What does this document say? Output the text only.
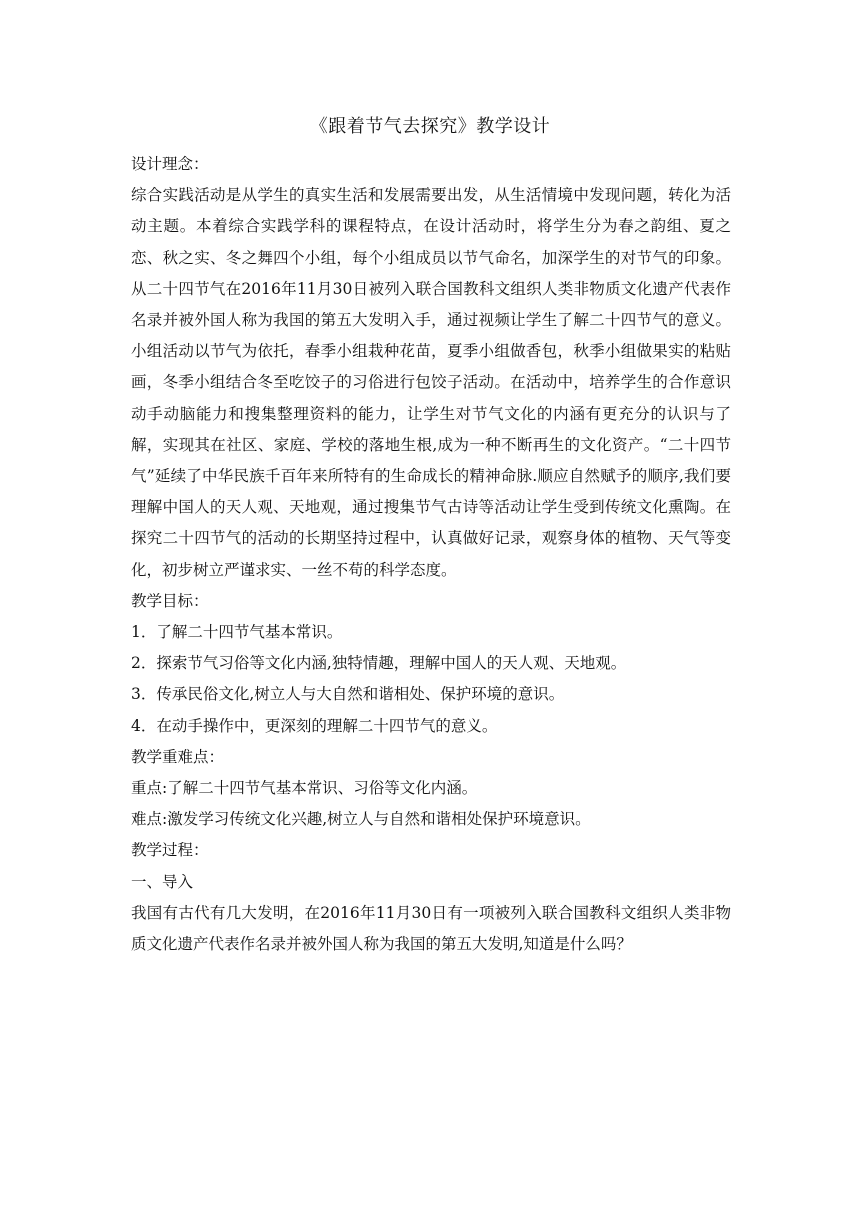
《跟着节气去探究》教学设计

设计理念：

综合实践活动是从学生的真实生活和发展需要出发，从生活情境中发现问题，转化为活动主题。本着综合实践学科的课程特点，在设计活动时，将学生分为春之韵组、夏之恋、秋之实、冬之舞四个小组，每个小组成员以节气命名，加深学生的对节气的印象。从二十四节气在2016年11月30日被列入联合国教科文组织人类非物质文化遗产代表作名录并被外国人称为我国的第五大发明入手，通过视频让学生了解二十四节气的意义。小组活动以节气为依托，春季小组栽种花苗，夏季小组做香包，秋季小组做果实的粘贴画，冬季小组结合冬至吃饺子的习俗进行包饺子活动。在活动中，培养学生的合作意识动手动脑能力和搜集整理资料的能力，让学生对节气文化的内涵有更充分的认识与了解，实现其在社区、家庭、学校的落地生根,成为一种不断再生的文化资产。“二十四节气”延续了中华民族千百年来所特有的生命成长的精神命脉.顺应自然赋予的顺序,我们要理解中国人的天人观、天地观，通过搜集节气古诗等活动让学生受到传统文化熏陶。在探究二十四节气的活动的长期坚持过程中，认真做好记录，观察身体的植物、天气等变化，初步树立严谨求实、一丝不苟的科学态度。

教学目标：

1．了解二十四节气基本常识。

2．探索节气习俗等文化内涵,独特情趣，理解中国人的天人观、天地观。

3．传承民俗文化,树立人与大自然和谐相处、保护环境的意识。

4．在动手操作中，更深刻的理解二十四节气的意义。

教学重难点：

重点:了解二十四节气基本常识、习俗等文化内涵。

难点:激发学习传统文化兴趣,树立人与自然和谐相处保护环境意识。

教学过程：

一、导入

我国有古代有几大发明，在2016年11月30日有一项被列入联合国教科文组织人类非物质文化遗产代表作名录并被外国人称为我国的第五大发明,知道是什么吗？
